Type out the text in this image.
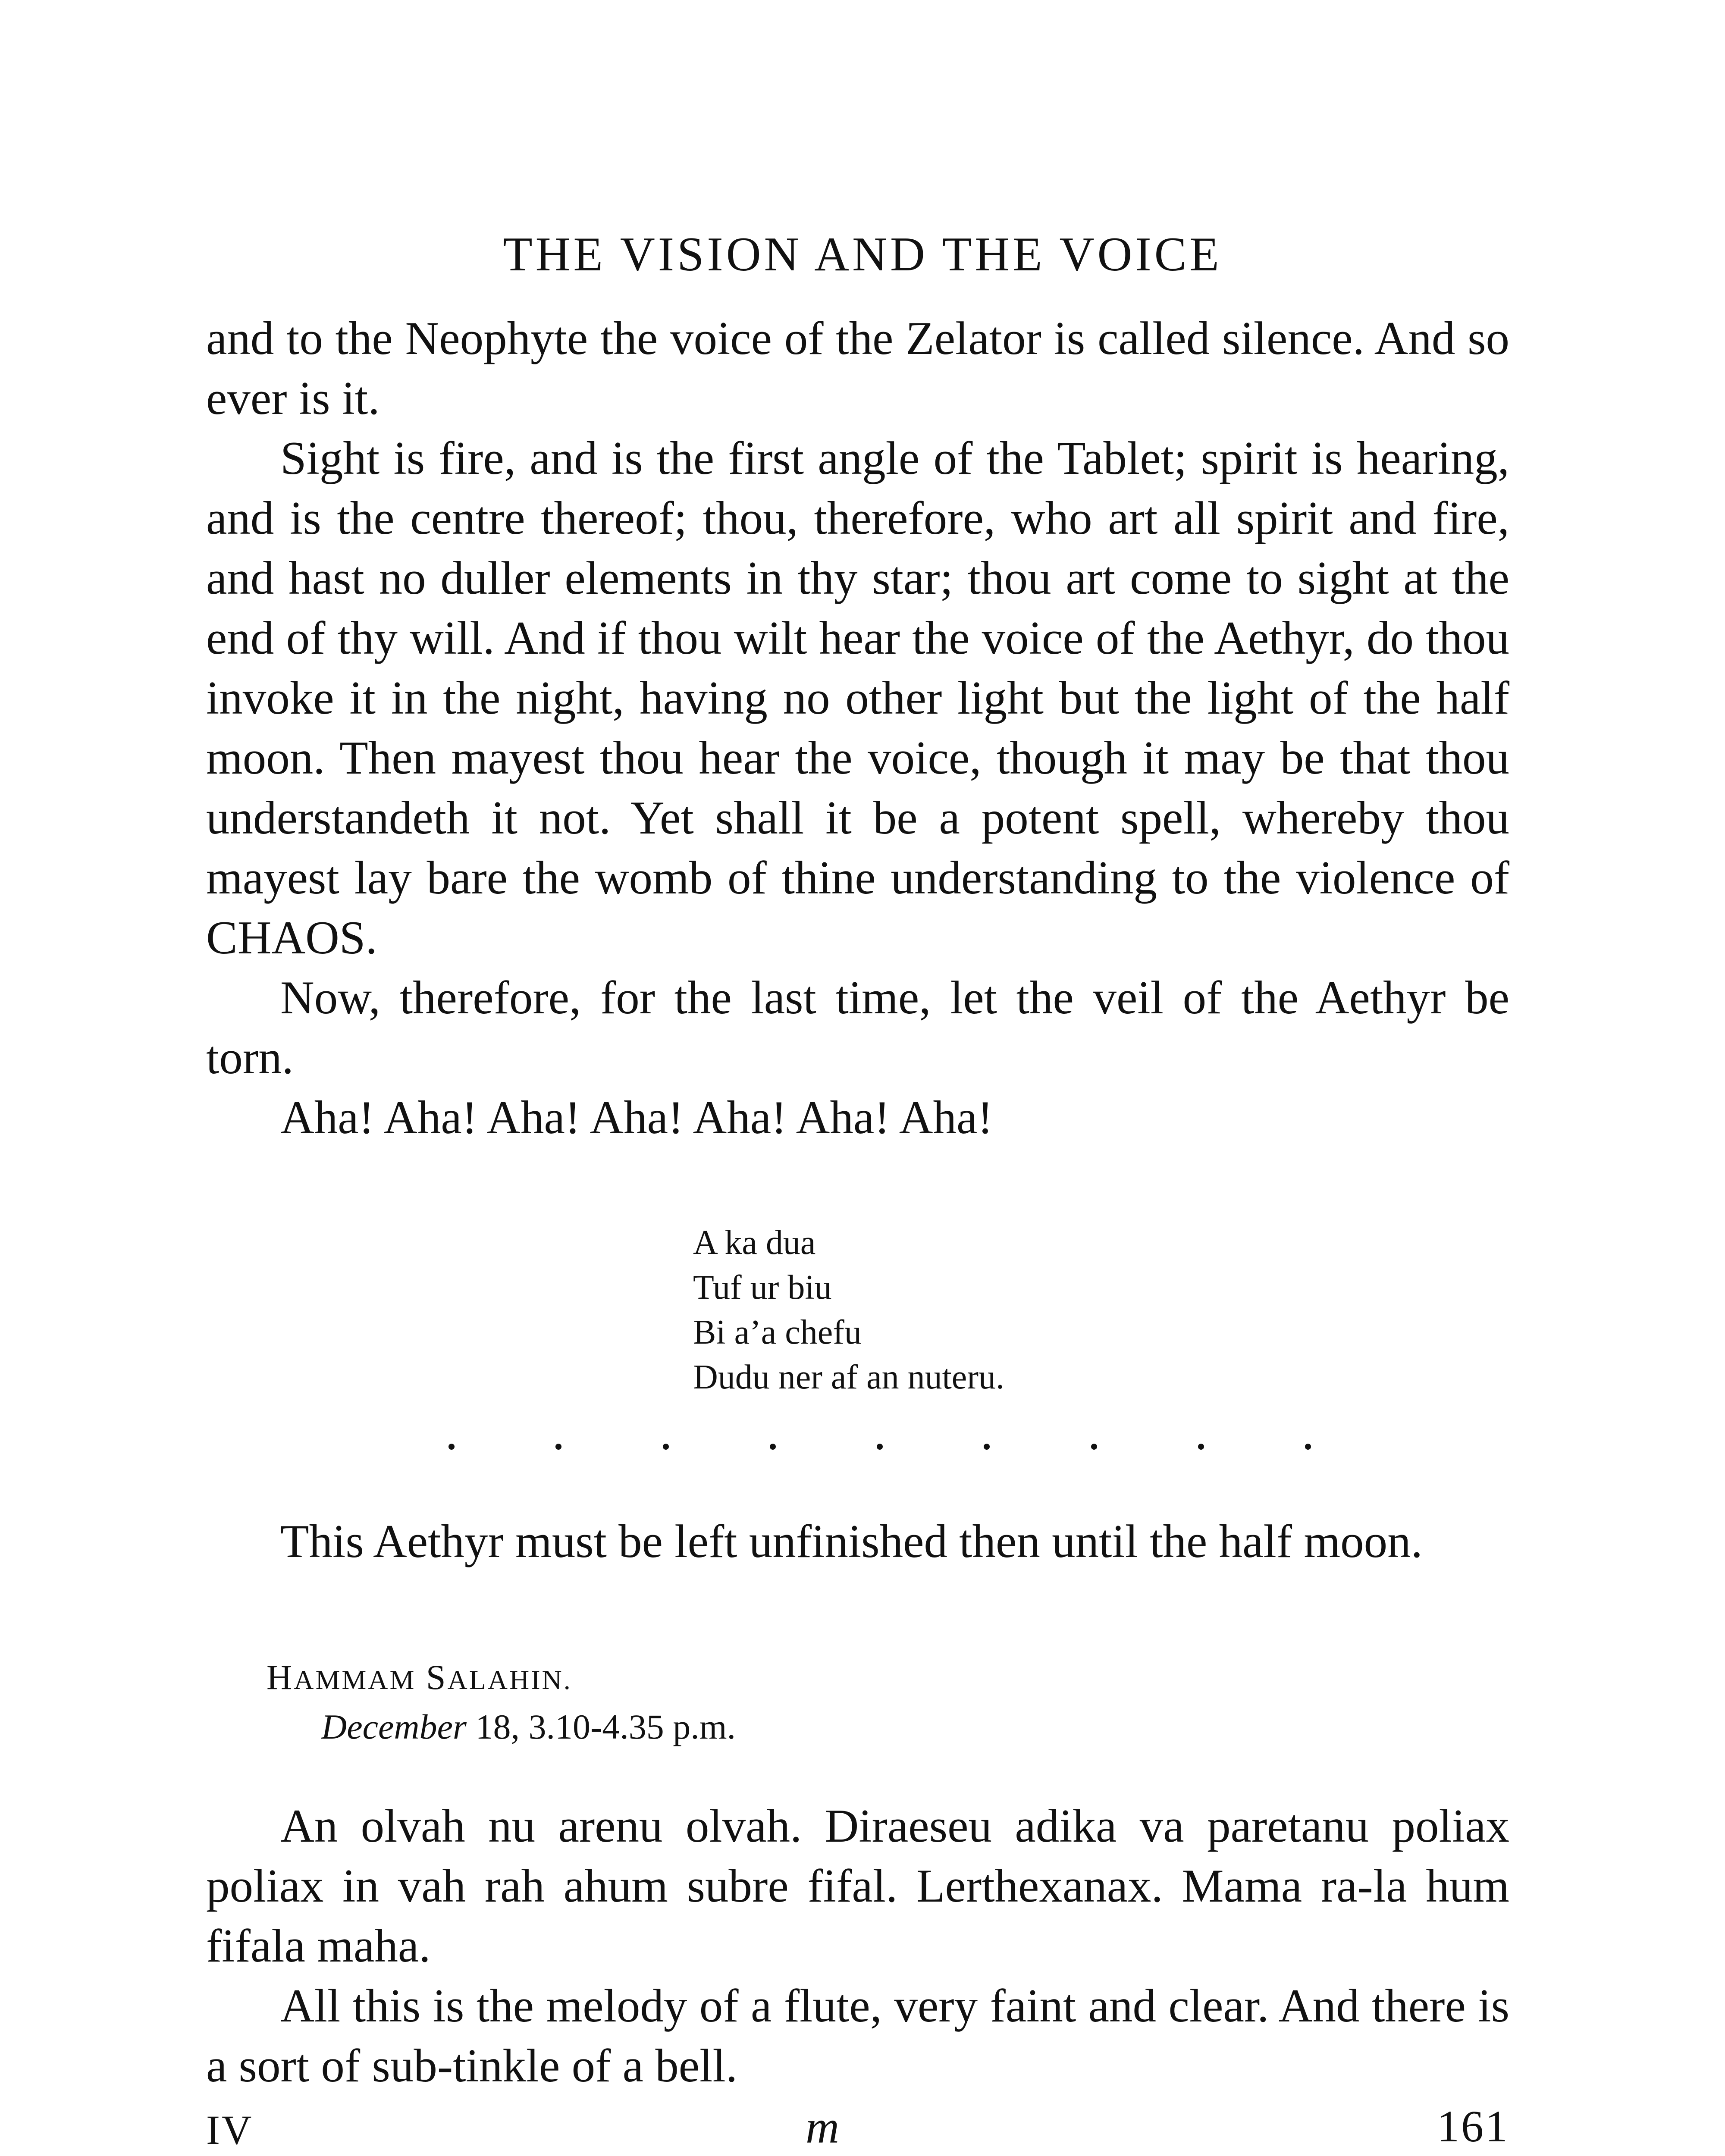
THE VISION AND THE VOICE

and to the Neophyte the voice of the Zelator is called silence. And so ever is it.

Sight is fire, and is the first angle of the Tablet; spirit is hearing, and is the centre thereof; thou, therefore, who art all spirit and fire, and hast no duller elements in thy star; thou art come to sight at the end of thy will. And if thou wilt hear the voice of the Aethyr, do thou invoke it in the night, having no other light but the light of the half moon. Then mayest thou hear the voice, though it may be that thou understandeth it not. Yet shall it be a potent spell, whereby thou mayest lay bare the womb of thine understanding to the violence of CHAOS.

Now, therefore, for the last time, let the veil of the Aethyr be torn.

Aha! Aha! Aha! Aha! Aha! Aha! Aha!

A ka dua
Tuf ur biu
Bi a’a chefu
Dudu ner af an nuteru.

This Aethyr must be left unfinished then until the half moon.

HAMMAM SALAHIN.
December 18, 3.10-4.35 p.m.

An olvah nu arenu olvah. Diraeseu adika va paretanu poliax poliax in vah rah ahum subre fifal. Lerthexanax. Mama ra-la hum fifala maha.

All this is the melody of a flute, very faint and clear. And there is a sort of sub-tinkle of a bell.

IV	m	161
